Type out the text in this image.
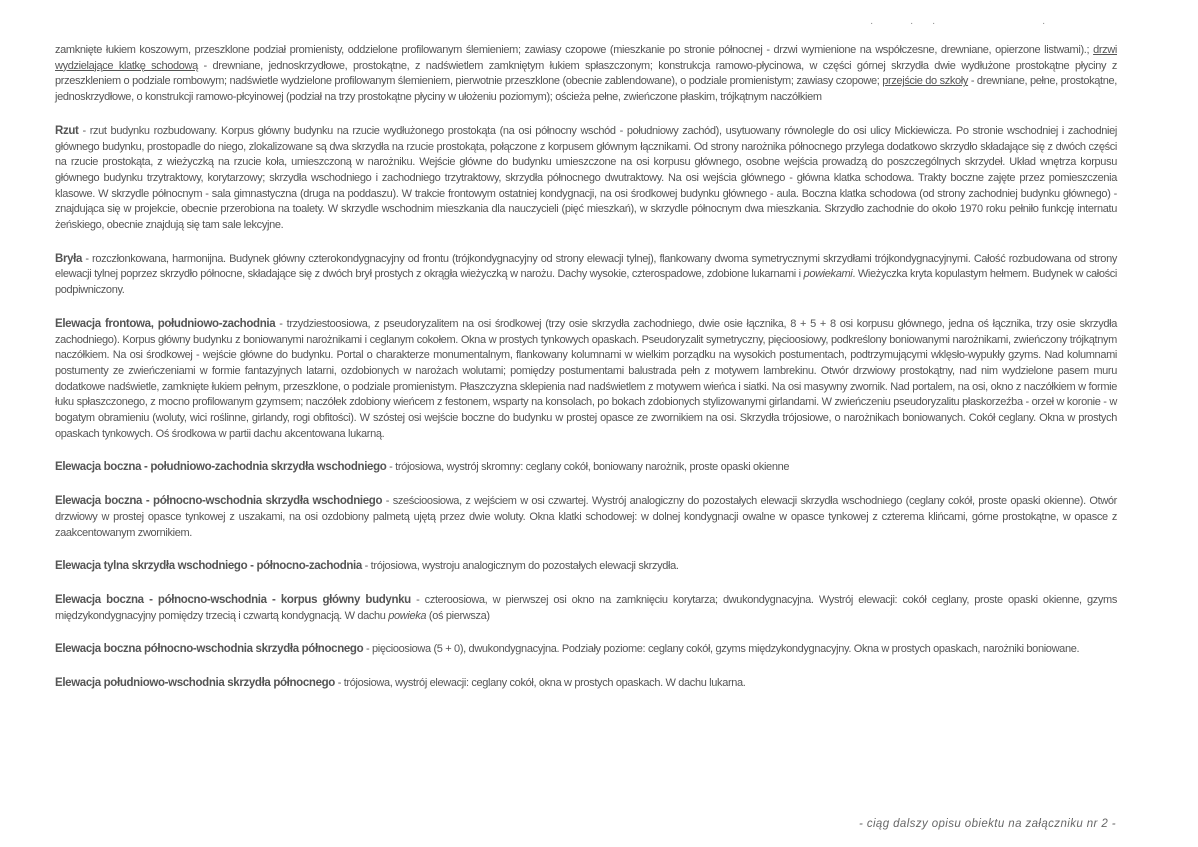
·	· ·	·

zamknięte łukiem koszowym, przeszklone podział promienisty, oddzielone profilowanym ślemieniem; zawiasy czopowe (mieszkanie po stronie północnej - drzwi wymienione na współczesne, drewniane, opierzone listwami).; drzwi wydzielające klatkę schodową - drewniane, jednoskrzydłowe, prostokątne, z nadświetlem zamkniętym łukiem spłaszczonym; konstrukcja ramowo-płycinowa, w części górnej skrzydła dwie wydłużone prostokątne płyciny z przeszkleniem o podziale rombowym; nadświetle wydzielone profilowanym ślemieniem, pierwotnie przeszklone (obecnie zablendowane), o podziale promienistym; zawiasy czopowe; przejście do szkoły - drewniane, pełne, prostokątne, jednoskrzydłowe, o konstrukcji ramowo-płcyinowej (podział na trzy prostokątne płyciny w ułożeniu poziomym); ościeża pełne, zwieńczone płaskim, trójkątnym naczółkiem

Rzut - rzut budynku rozbudowany. Korpus główny budynku na rzucie wydłużonego prostokąta (na osi północny wschód - południowy zachód), usytuowany równolegle do osi ulicy Mickiewicza. Po stronie wschodniej i zachodniej głównego budynku, prostopadle do niego, zlokalizowane są dwa skrzydła na rzucie prostokąta, połączone z korpusem głównym łącznikami. Od strony narożnika północnego przylega dodatkowo skrzydło składające się z dwóch części na rzucie prostokąta, z wieżyczką na rzucie koła, umieszczoną w narożniku. Wejście główne do budynku umieszczone na osi korpusu głównego, osobne wejścia prowadzą do poszczególnych skrzydeł. Układ wnętrza korpusu głównego budynku trzytraktowy, korytarzowy; skrzydła wschodniego i zachodniego trzytraktowy, skrzydła północnego dwutraktowy. Na osi wejścia głównego - główna klatka schodowa. Trakty boczne zajęte przez pomieszczenia klasowe. W skrzydle północnym - sala gimnastyczna (druga na poddaszu). W trakcie frontowym ostatniej kondygnacji, na osi środkowej budynku głównego - aula. Boczna klatka schodowa (od strony zachodniej budynku głównego) - znajdująca się w projekcie, obecnie przerobiona na toalety. W skrzydle wschodnim mieszkania dla nauczycieli (pięć mieszkań), w skrzydle północnym dwa mieszkania. Skrzydło zachodnie do około 1970 roku pełniło funkcję internatu żeńskiego, obecnie znajdują się tam sale lekcyjne.

Bryła - rozczłonkowana, harmonijna. Budynek główny czterokondygnacyjny od frontu (trójkondygnacyjny od strony elewacji tylnej), flankowany dwoma symetrycznymi skrzydłami trójkondygnacyjnymi. Całość rozbudowana od strony elewacji tylnej poprzez skrzydło północne, składające się z dwóch brył prostych z okrągła wieżyczką w narożu. Dachy wysokie, czterospadowe, zdobione lukarnami i powiekami. Wieżyczka kryta kopulastym hełmem. Budynek w całości podpiwniczony.

Elewacja frontowa, południowo-zachodnia - trzydziestoosiowa, z pseudoryzalitem na osi środkowej (trzy osie skrzydła zachodniego, dwie osie łącznika, 8 + 5 + 8 osi korpusu głównego, jedna oś łącznika, trzy osie skrzydła zachodniego). Korpus główny budynku z boniowanymi narożnikami i ceglanym cokołem. Okna w prostych tynkowych opaskach. Pseudoryzalit symetryczny, pięcioosiowy, podkreślony boniowanymi narożnikami, zwieńczony trójkątnym naczółkiem. Na osi środkowej - wejście główne do budynku. Portal o charakterze monumentalnym, flankowany kolumnami w wielkim porządku na wysokich postumentach, podtrzymującymi wklęsło-wypukły gzyms. Nad kolumnami postumenty ze zwieńczeniami w formie fantazyjnych latarni, ozdobionych w narożach wolutami; pomiędzy postumentami balustrada pełn z motywem lambrekinu. Otwór drzwiowy prostokątny, nad nim wydzielone pasem muru dodatkowe nadświetle, zamknięte łukiem pełnym, przeszklone, o podziale promienistym. Płaszczyzna sklepienia nad nadświetlem z motywem wieńca i siatki. Na osi masywny zwornik. Nad portalem, na osi, okno z naczółkiem w formie łuku spłaszczonego, z mocno profilowanym gzymsem; naczółek zdobiony wieńcem z festonem, wsparty na konsolach, po bokach zdobionych stylizowanymi girlandami. W zwieńczeniu pseudoryzalitu płaskorzeźba - orzeł w koronie - w bogatym obramieniu (woluty, wici roślinne, girlandy, rogi obfitości). W szóstej osi wejście boczne do budynku w prostej opasce ze zwornikiem na osi. Skrzydła trójosiowe, o narożnikach boniowanych. Cokół ceglany. Okna w prostych opaskach tynkowych. Oś środkowa w partii dachu akcentowana lukarną.

Elewacja boczna - południowo-zachodnia skrzydła wschodniego - trójosiowa, wystrój skromny: ceglany cokół, boniowany narożnik, proste opaski okienne

Elewacja boczna - północno-wschodnia skrzydła wschodniego - sześcioosiowa, z wejściem w osi czwartej. Wystrój analogiczny do pozostałych elewacji skrzydła wschodniego (ceglany cokół, proste opaski okienne). Otwór drzwiowy w prostej opasce tynkowej z uszakami, na osi ozdobiony palmetą ujętą przez dwie woluty. Okna klatki schodowej: w dolnej kondygnacji owalne w opasce tynkowej z czterema klińcami, górne prostokątne, w opasce z zaakcentowanym zwornikiem.

Elewacja tylna skrzydła wschodniego - północno-zachodnia - trójosiowa, wystroju analogicznym do pozostałych elewacji skrzydła.

Elewacja boczna - północno-wschodnia - korpus główny budynku - czteroosiowa, w pierwszej osi okno na zamknięciu korytarza; dwukondygnacyjna. Wystrój elewacji: cokół ceglany, proste opaski okienne, gzyms międzykondygnacyjny pomiędzy trzecią i czwartą kondygnacją. W dachu powieka (oś pierwsza)

Elewacja boczna północno-wschodnia skrzydła północnego - pięcioosiowa (5 + 0), dwukondygnacyjna. Podziały poziome: ceglany cokół, gzyms międzykondygnacyjny. Okna w prostych opaskach, narożniki boniowane.

Elewacja południowo-wschodnia skrzydła północnego - trójosiowa, wystrój elewacji: ceglany cokół, okna w prostych opaskach. W dachu lukarna.

- ciąg dalszy opisu obiektu na załączniku nr 2 -
